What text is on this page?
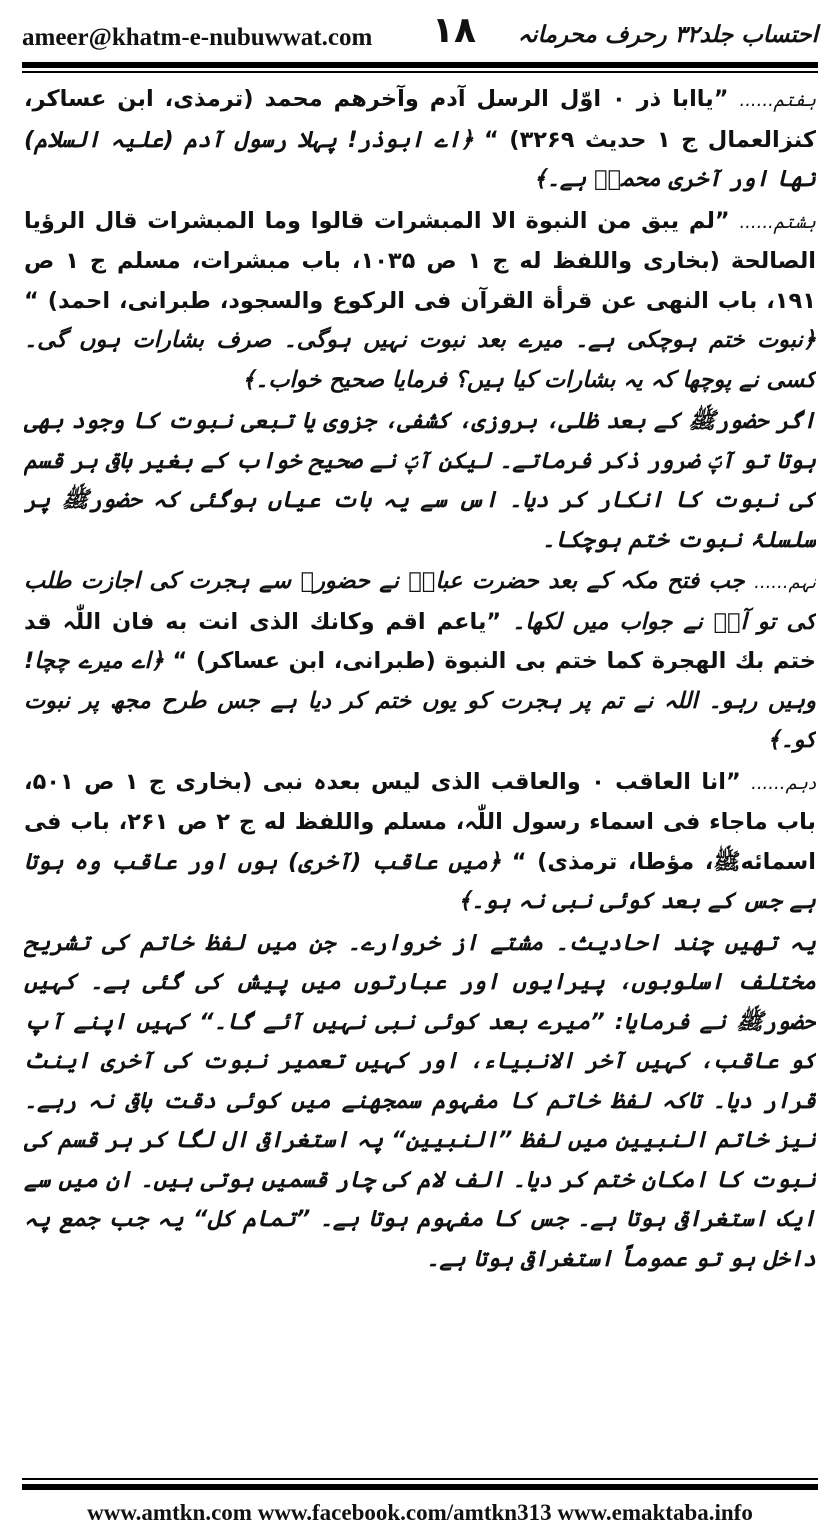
ameer@khatm-e-nubuwwat.com ۱۸ احتساب جلد۳۲ رحرف محرمانہ

ہفتم...... ”یاابا ذر ۰ اوّل الرسل آدم وآخرھم محمد (ترمذی، ابن عساکر، کنزالعمال ج ۱ حدیث ۳۲۶۹) “ ﴿اے ابوذر! پہلا رسول آدم (علیہ السلام) تھا اور آخری محمدؐ ہے۔﴾

ہشتم...... ”لم یبق من النبوة الا المبشرات قالوا وما المبشرات قال الرؤیا الصالحة (بخاری واللفظ له ج ۱ ص ۱۰۳۵، باب مبشرات، مسلم ج ۱ ص ۱۹۱، باب النھی عن قرأة القرآن فی الرکوع والسجود، طبرانی، احمد) “ ﴿نبوت ختم ہوچکی ہے۔ میرے بعد نبوت نہیں ہوگی۔ صرف بشارات ہوں گی۔ کسی نے پوچھا کہ یہ بشارات کیا ہیں؟ فرمایا صحیح خواب۔﴾

اگر حضورﷺ کے بعد ظلی، بروزی، کشفی، جزوی یا تبعی نبوت کا وجود بھی ہوتا تو آپؐ ضرور ذکر فرماتے۔ لیکن آپؐ نے صحیح خواب کے بغیر باقی ہر قسم کی نبوت کا انکار کر دیا۔ اس سے یہ بات عیاں ہوگئی کہ حضورﷺ پر سلسلۂ نبوت ختم ہوچکا۔

نہم...... جب فتح مکہ کے بعد حضرت عباسؓ نے حضورﷺ سے ہجرت کی اجازت طلب کی تو آپؐ نے جواب میں لکھا۔ ”یاعم اقم وکانك الذی انت به فان اللّٰہ قد ختم بك الھجرة کما ختم بی النبوة (طبرانی، ابن عساکر) “ ﴿اے میرے چچا! وہیں رہو۔ اللہ نے تم پر ہجرت کو یوں ختم کر دیا ہے جس طرح مجھ پر نبوت کو۔﴾

دہم...... ”انا العاقب ۰ والعاقب الذی لیس بعدہ نبی (بخاری ج ۱ ص ۵۰۱، باب ماجاء فی اسماء رسول اللّٰہ، مسلم واللفظ له ج ۲ ص ۲۶۱، باب فی اسمائهﷺ، مؤطا، ترمذی) “ ﴿میں عاقب (آخری) ہوں اور عاقب وہ ہوتا ہے جس کے بعد کوئی نبی نہ ہو۔﴾

یہ تھیں چند احادیث۔ مشتے از خروارے۔ جن میں لفظ خاتم کی تشریح مختلف اسلوبوں، پیرایوں اور عبارتوں میں پیش کی گئی ہے۔ کہیں حضورﷺ نے فرمایا: ”میرے بعد کوئی نبی نہیں آئے گا۔“ کہیں اپنے آپ کو عاقب، کہیں آخر الانبیاء، اور کہیں تعمیر نبوت کی آخری اینٹ قرار دیا۔ تاکہ لفظ خاتم کا مفہوم سمجھنے میں کوئی دقت باقی نہ رہے۔ نیز خاتم النبیین میں لفظ ”النبیین“ پہ استغراقی ال لگا کر ہر قسم کی نبوت کا امکان ختم کر دیا۔ الف لام کی چار قسمیں ہوتی ہیں۔ ان میں سے ایک استغراقی ہوتا ہے۔ جس کا مفہوم ہوتا ہے۔ ”تمام کل“ یہ جب جمع پہ داخل ہو تو عموماً استغراقی ہوتا ہے۔

www.amtkn.com www.facebook.com/amtkn313 www.emaktaba.info
